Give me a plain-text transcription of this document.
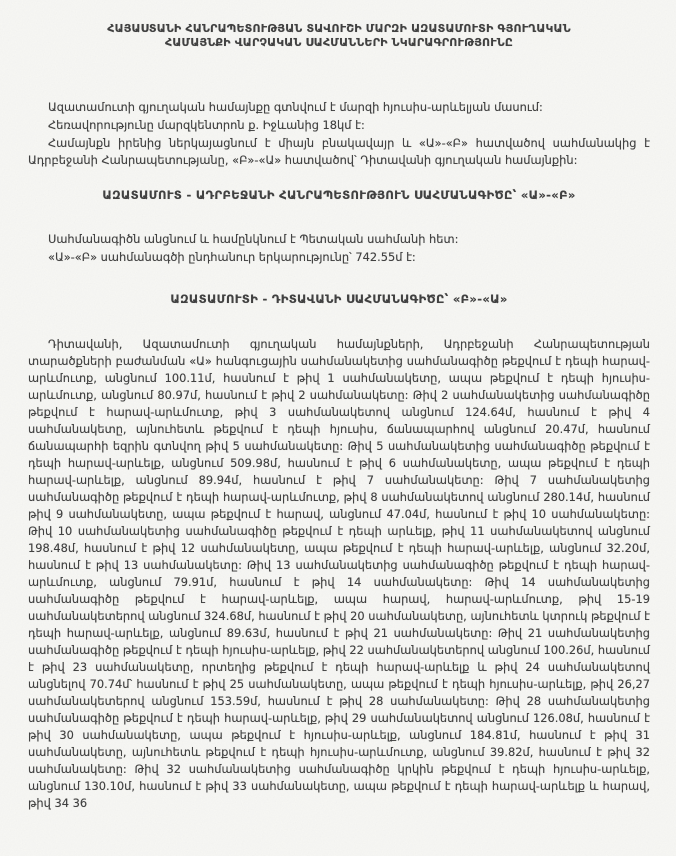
ՀԱՅԱՍՏԱՆԻ ՀԱՆՐԱՊԵՏՈՒԹՅԱՆ ՏԱՎՈՒՇԻ ՄԱՐԶԻ ԱԶԱՏԱՄՈՒՏԻ ԳՅՈՒՂԱԿԱՆ
ՀԱՄԱՅՆՔԻ ՎԱՐՉԱԿԱՆ ՍԱՀՄԱՆՆԵՐԻ ՆԿԱՐԱԳՐՈՒԹՅՈՒՆԸ

Ազատամուտի գյուղական համայնքը գտնվում է մարզի հյուսիս-արևելյան մասում:

Հեռավորությունը մարզկենտրոն ք. Իջևանից 18կմ է:

Համայնքն իրենից ներկայացնում է միայն բնակավայր և «Ա»-«Բ» հատվածով սահմանակից է Ադրբեջանի Հանրապետությանը, «Բ»-«Ա» հատվածով՝ Դիտավանի գյուղական համայնքին:

ԱԶԱՏԱՄՈՒՏ - ԱԴՐԲԵՋԱՆԻ ՀԱՆՐԱՊԵՏՈՒԹՅՈՒՆ ՍԱՀՄԱՆԱԳԻԾԸ՝ «Ա»-«Բ»

Սահմանագիծն անցնում և համընկնում է Պետական սահմանի հետ:

«Ա»-«Բ» սահմանագծի ընդհանուր երկարությունը՝ 742.55մ է:

ԱԶԱՏԱՄՈՒՏԻ - ԴԻՏԱՎԱՆԻ ՍԱՀՄԱՆԱԳԻԾԸ՝ «Բ»-«Ա»

Դիտավանի, Ազատամուտի գյուղական համայնքների, Ադրբեջանի Հանրապետության տարածքների բաժանման «Ա» հանգուցային սահմանակետից սահմանագիծը թեքվում է դեպի հարավ-արևմուտք, անցնում 100.11մ, հասնում է թիվ 1 սահմանակետը, ապա թեքվում է դեպի հյուսիս-արևմուտք, անցնում 80.97մ, հասնում է թիվ 2 սահմանակետը: Թիվ 2 սահմանակետից սահմանագիծը թեքվում է հարավ-արևմուտք, թիվ 3 սահմանակետով անցնում 124.64մ, հասնում է թիվ 4 սահմանակետը, այնուհետև թեքվում է դեպի հյուսիս, ճանապարհով անցնում 20.47մ, հասնում ճանապարհի եզրին գտնվող թիվ 5 սահմանակետը: Թիվ 5 սահմանակետից սահմանագիծը թեքվում է դեպի հարավ-արևելք, անցնում 509.98մ, հասնում է թիվ 6 սահմանակետը, ապա թեքվում է դեպի հարավ-արևելք, անցնում 89.94մ, հասնում է թիվ 7 սահմանակետը: Թիվ 7 սահմանակետից սահմանագիծը թեքվում է դեպի հարավ-արևմուտք, թիվ 8 սահմանակետով անցնում 280.14մ, հասնում թիվ 9 սահմանակետը, ապա թեքվում է հարավ, անցնում 47.04մ, հասնում է թիվ 10 սահմանակետը: Թիվ 10 սահմանակետից սահմանագիծը թեքվում է դեպի արևելք, թիվ 11 սահմանակետով անցնում 198.48մ, հասնում է թիվ 12 սահմանակետը, ապա թեքվում է դեպի հարավ-արևելք, անցնում 32.20մ, հասնում է թիվ 13 սահմանակետը: Թիվ 13 սահմանակետից սահմանագիծը թեքվում է դեպի հարավ-արևմուտք, անցնում 79.91մ, հասնում է թիվ 14 սահմանակետը: Թիվ 14 սահմանակետից սահմանագիծը թեքվում է հարավ-արևելք, ապա հարավ, հարավ-արևմուտք, թիվ 15-19 սահմանակետերով անցնում 324.68մ, հասնում է թիվ 20 սահմանակետը, այնուհետև կտրուկ թեքվում է դեպի հարավ-արևելք, անցնում 89.63մ, հասնում է թիվ 21 սահմանակետը: Թիվ 21 սահմանակետից սահմանագիծը թեքվում է դեպի հյուսիս-արևելք, թիվ 22 սահմանակետերով անցնում 100.26մ, հասնում է թիվ 23 սահմանակետը, որտեղից թեքվում է դեպի հարավ-արևելք և թիվ 24 սահմանակետով անցնելով 70.74մ՝ հասնում է թիվ 25 սահմանակետը, ապա թեքվում է դեպի հյուսիս-արևելք, թիվ 26,27 սահմանակետերով անցնում 153.59մ, հասնում է թիվ 28 սահմանակետը: Թիվ 28 սահմանակետից սահմանագիծը թեքվում է դեպի հարավ-արևելք, թիվ 29 սահմանակետով անցնում 126.08մ, հասնում է թիվ 30 սահմանակետը, ապա թեքվում է հյուսիս-արևելք, անցնում 184.81մ, հասնում է թիվ 31 սահմանակետը, այնուհետև թեքվում է դեպի հյուսիս-արևմուտք, անցնում 39.82մ, հասնում է թիվ 32 սահմանակետը: Թիվ 32 սահմանակետից սահմանագիծը կրկին թեքվում է դեպի հյուսիս-արևելք, անցնում 130.10մ, հասնում է թիվ 33 սահմանակետը, ապա թեքվում է դեպի հարավ-արևելք և հարավ, թիվ 34 36
